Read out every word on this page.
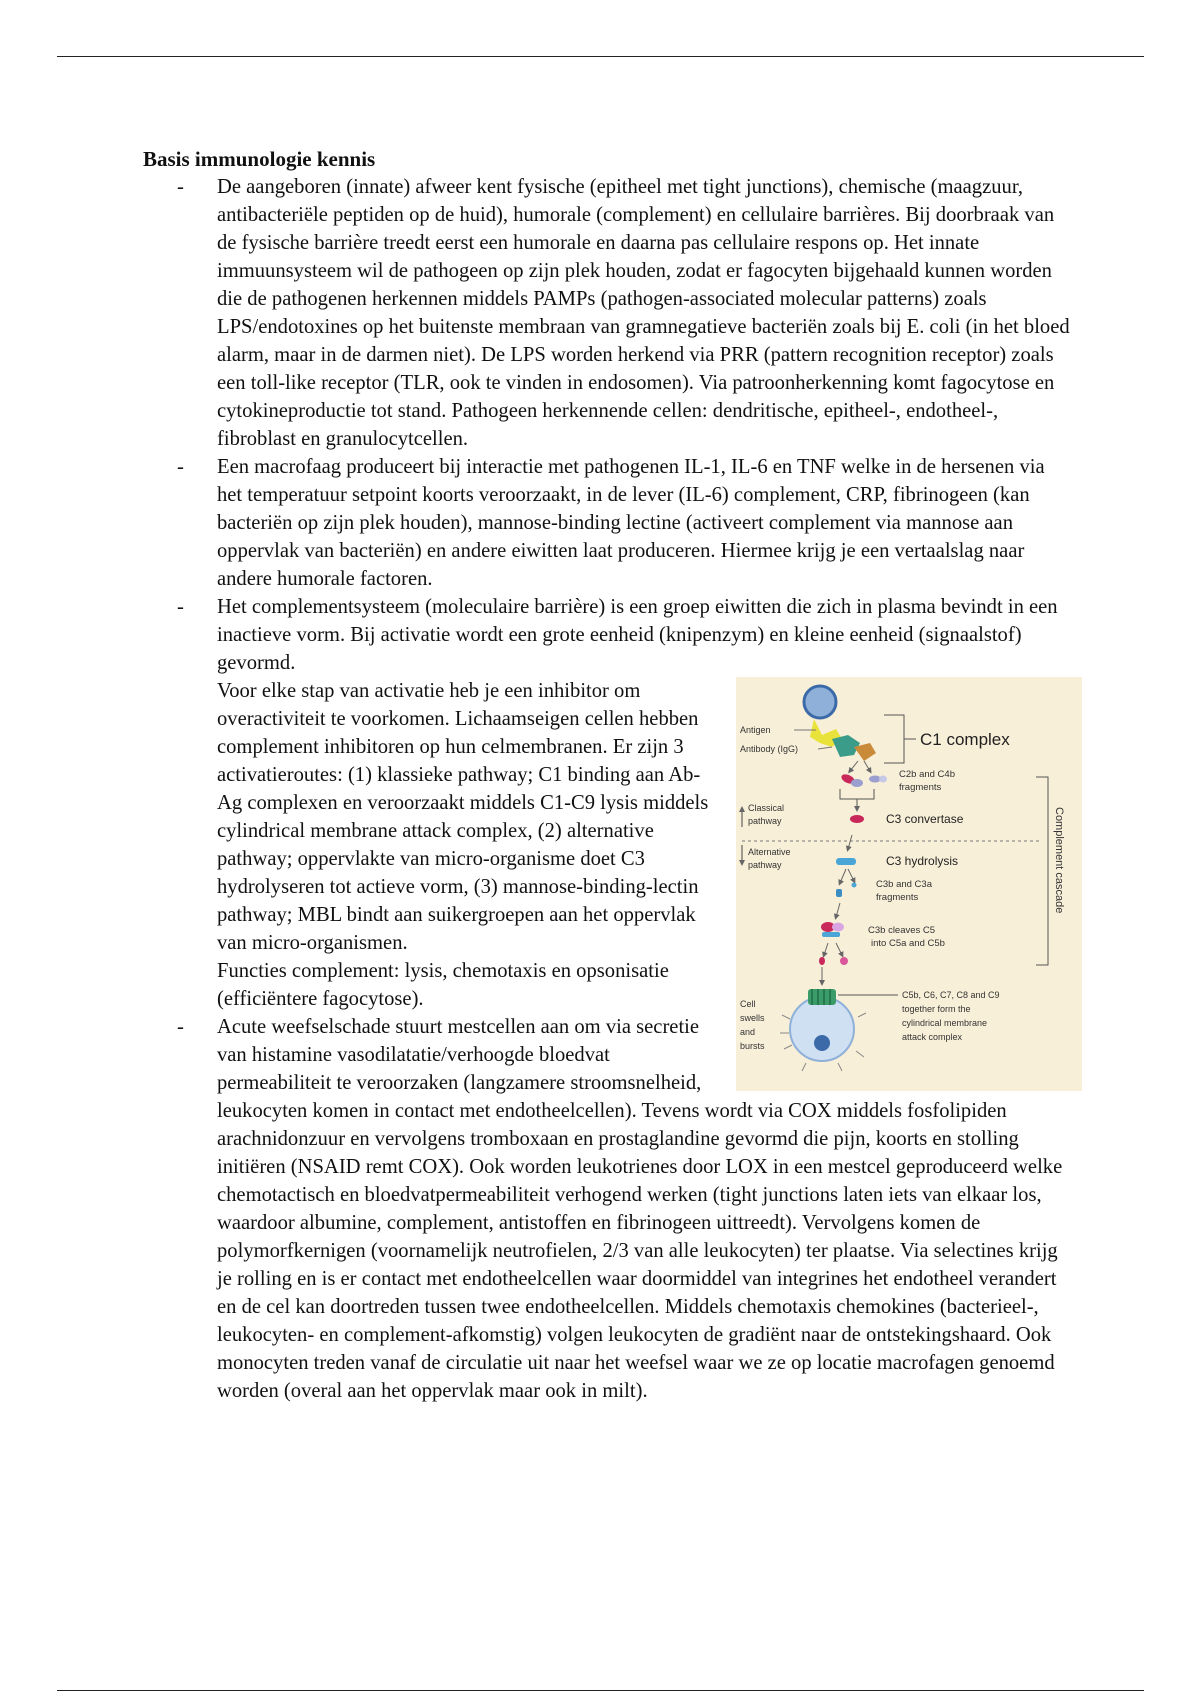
Basis immunologie kennis
- De aangeboren (innate) afweer kent fysische (epitheel met tight junctions), chemische (maagzuur, antibacteriële peptiden op de huid), humorale (complement) en cellulaire barrières. Bij doorbraak van de fysische barrière treedt eerst een humorale en daarna pas cellulaire respons op. Het innate immuunsysteem wil de pathogeen op zijn plek houden, zodat er fagocyten bijgehaald kunnen worden die de pathogenen herkennen middels PAMPs (pathogen-associated molecular patterns) zoals LPS/endotoxines op het buitenste membraan van gramnegatieve bacteriën zoals bij E. coli (in het bloed alarm, maar in de darmen niet). De LPS worden herkend via PRR (pattern recognition receptor) zoals een toll-like receptor (TLR, ook te vinden in endosomen). Via patroonherkenning komt fagocytose en cytokineproductie tot stand. Pathogeen herkennende cellen: dendritische, epitheel-, endotheel-, fibroblast en granulocytcellen.

- Een macrofaag produceert bij interactie met pathogenen IL-1, IL-6 en TNF welke in de hersenen via het temperatuur setpoint koorts veroorzaakt, in de lever (IL-6) complement, CRP, fibrinogeen (kan bacteriën op zijn plek houden), mannose-binding lectine (activeert complement via mannose aan oppervlak van bacteriën) en andere eiwitten laat produceren. Hiermee krijg je een vertaalslag naar andere humorale factoren.

- Het complementsysteem (moleculaire barrière) is een groep eiwitten die zich in plasma bevindt in een inactieve vorm. Bij activatie wordt een grote eenheid (knipenzym) en kleine eenheid (signaalstof) gevormd.

Antigen
Antibody (IgG)	C1 complex
C2b and C4b
fragments
C3 convertase
Classical
pathway
Alternative
pathway	C3 hydrolysis
C3b and C3a
fragments
C3b cleaves C5
into C5a and C5b
Complement cascade
Cell
swells
and
bursts
C5b, C6, C7, C8 and C9
together form the
cylindrical membrane
attack complex

Voor elke stap van activatie heb je een inhibitor om overactiviteit te voorkomen. Lichaamseigen cellen hebben complement inhibitoren op hun celmembranen. Er zijn 3 activatieroutes: (1) klassieke pathway; C1 binding aan Ab-Ag complexen en veroorzaakt middels C1-C9 lysis middels cylindrical membrane attack complex, (2) alternative pathway; oppervlakte van micro-organisme doet C3 hydrolyseren tot actieve vorm, (3) mannose-binding-lectin pathway; MBL bindt aan suikergroepen aan het oppervlak van micro-organismen.

Functies complement: lysis, chemotaxis en opsonisatie (efficiëntere fagocytose).

- Acute weefselschade stuurt mestcellen aan om via secretie van histamine vasodilatatie/verhoogde bloedvat permeabiliteit te veroorzaken (langzamere stroomsnelheid, leukocyten komen in contact met endotheelcellen). Tevens wordt via COX middels fosfolipiden arachnidonzuur en vervolgens tromboxaan en prostaglandine gevormd die pijn, koorts en stolling initiëren (NSAID remt COX). Ook worden leukotrienes door LOX in een mestcel geproduceerd welke chemotactisch en bloedvatpermeabiliteit verhogend werken (tight junctions laten iets van elkaar los, waardoor albumine, complement, antistoffen en fibrinogeen uittreedt). Vervolgens komen de polymorfkernigen (voornamelijk neutrofielen, 2/3 van alle leukocyten) ter plaatse. Via selectines krijg je rolling en is er contact met endotheelcellen waar doormiddel van integrines het endotheel verandert en de cel kan doortreden tussen twee endotheelcellen. Middels chemotaxis chemokines (bacterieel-, leukocyten- en complement-afkomstig) volgen leukocyten de gradiënt naar de ontstekingshaard. Ook monocyten treden vanaf de circulatie uit naar het weefsel waar we ze op locatie macrofagen genoemd worden (overal aan het oppervlak maar ook in milt).
